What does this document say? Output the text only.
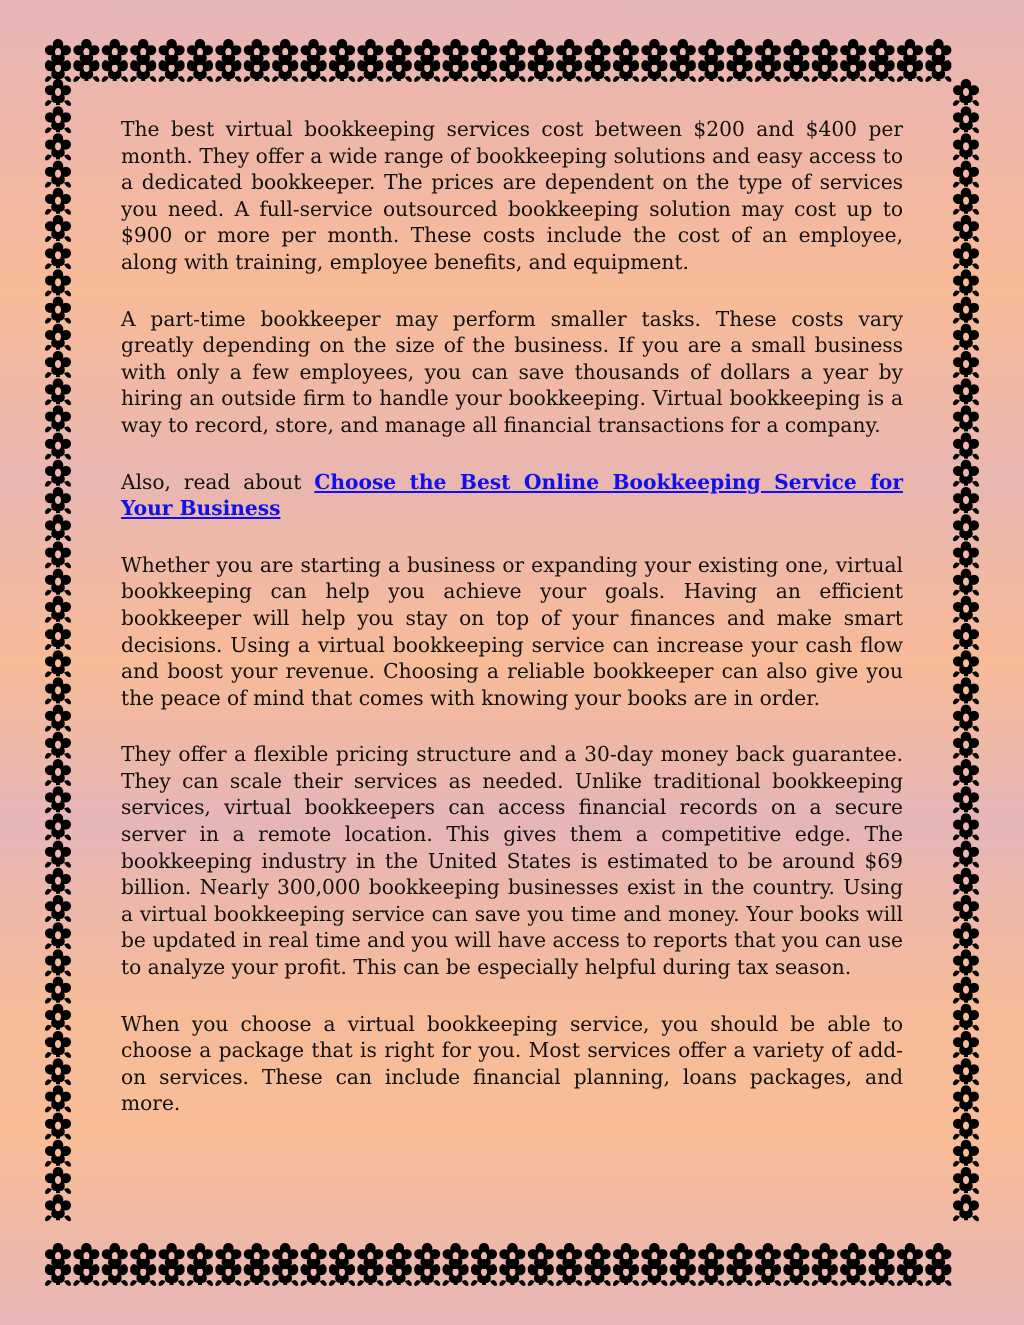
The best virtual bookkeeping services cost between $200 and $400 per month. They offer a wide range of bookkeeping solutions and easy access to a dedicated bookkeeper. The prices are dependent on the type of services you need. A full-service outsourced bookkeeping solution may cost up to $900 or more per month. These costs include the cost of an employee, along with training, employee benefits, and equipment.

A part-time bookkeeper may perform smaller tasks. These costs vary greatly depending on the size of the business. If you are a small business with only a few employees, you can save thousands of dollars a year by hiring an outside firm to handle your bookkeeping. Virtual bookkeeping is a way to record, store, and manage all financial transactions for a company.

Also, read about Choose the Best Online Bookkeeping Service for Your Business

Whether you are starting a business or expanding your existing one, virtual bookkeeping can help you achieve your goals. Having an efficient bookkeeper will help you stay on top of your finances and make smart decisions. Using a virtual bookkeeping service can increase your cash flow and boost your revenue. Choosing a reliable bookkeeper can also give you the peace of mind that comes with knowing your books are in order.

They offer a flexible pricing structure and a 30-day money back guarantee. They can scale their services as needed. Unlike traditional bookkeeping services, virtual bookkeepers can access financial records on a secure server in a remote location. This gives them a competitive edge. The bookkeeping industry in the United States is estimated to be around $69 billion. Nearly 300,000 bookkeeping businesses exist in the country. Using a virtual bookkeeping service can save you time and money. Your books will be updated in real time and you will have access to reports that you can use to analyze your profit. This can be especially helpful during tax season.

When you choose a virtual bookkeeping service, you should be able to choose a package that is right for you. Most services offer a variety of add-on services. These can include financial planning, loans packages, and more.
